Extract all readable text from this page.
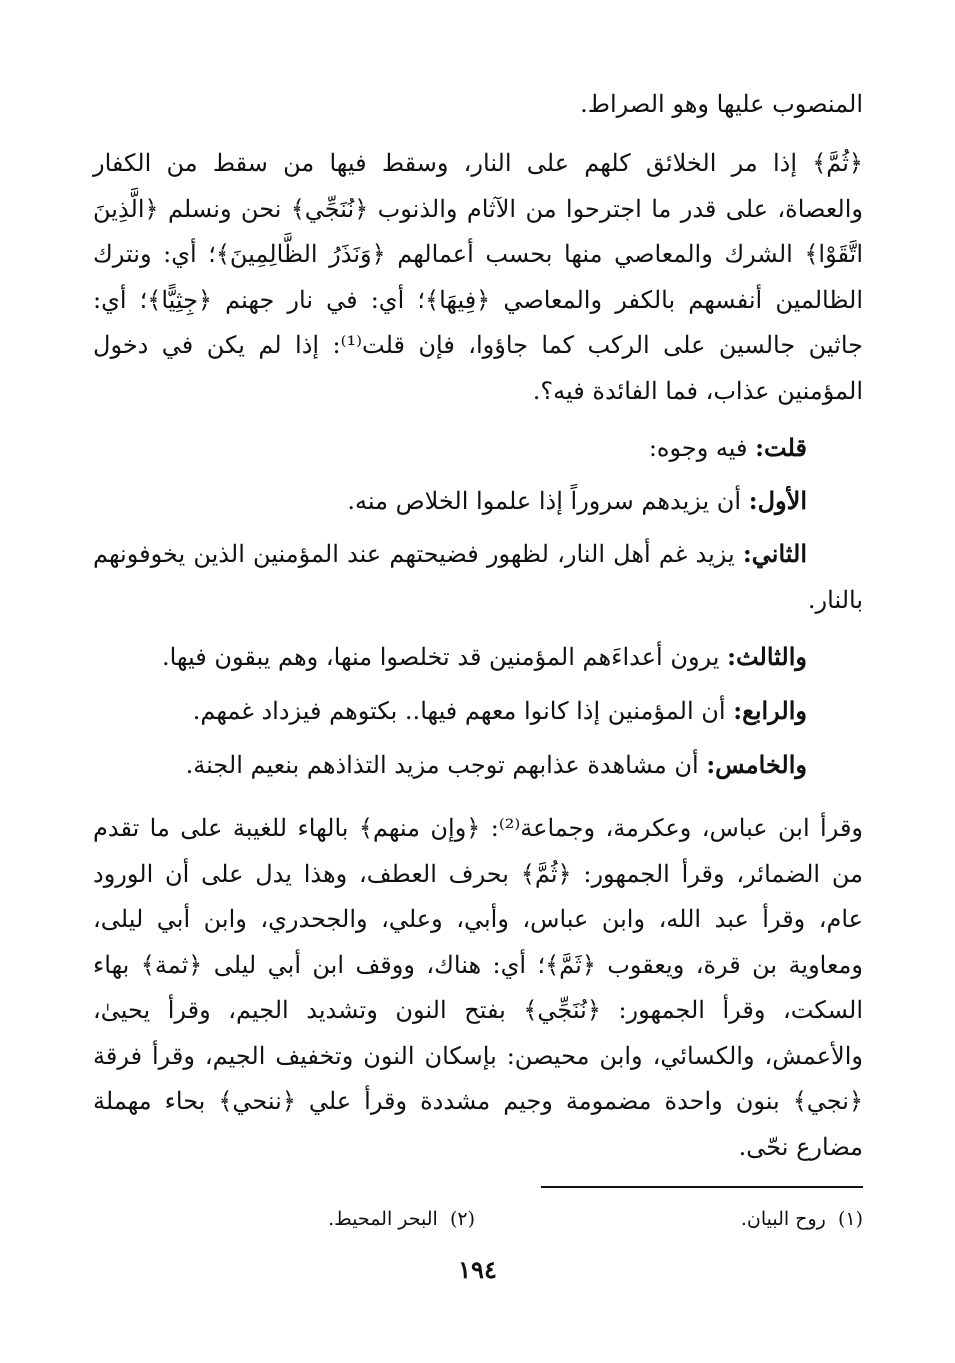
المنصوب عليها وهو الصراط.
﴿ثُمَّ﴾ إذا مر الخلائق كلهم على النار، وسقط فيها من سقط من الكفار والعصاة، على قدر ما اجترحوا من الآثام والذنوب ﴿نُنَجِّي﴾ نحن ونسلم ﴿الَّذِينَ اتَّقَوْا﴾ الشرك والمعاصي منها بحسب أعمالهم ﴿وَنَذَرُ الظَّالِمِينَ﴾؛ أي: ونترك الظالمين أنفسهم بالكفر والمعاصي ﴿فِيهَا﴾؛ أي: في نار جهنم ﴿جِثِيًّا﴾؛ أي: جاثين جالسين على الركب كما جاؤوا، فإن قلت⁽¹⁾: إذا لم يكن في دخول المؤمنين عذاب، فما الفائدة فيه؟.
قلت: فيه وجوه:
الأول: أن يزيدهم سروراً إذا علموا الخلاص منه.
الثاني: يزيد غم أهل النار، لظهور فضيحتهم عند المؤمنين الذين يخوفونهم بالنار.
والثالث: يرون أعداءَهم المؤمنين قد تخلصوا منها، وهم يبقون فيها.
والرابع: أن المؤمنين إذا كانوا معهم فيها.. بكتوهم فيزداد غمهم.
والخامس: أن مشاهدة عذابهم توجب مزيد التذاذهم بنعيم الجنة.
وقرأ ابن عباس، وعكرمة، وجماعة⁽²⁾: ﴿وإن منهم﴾ بالهاء للغيبة على ما تقدم من الضمائر، وقرأ الجمهور: ﴿ثُمَّ﴾ بحرف العطف، وهذا يدل على أن الورود عام، وقرأ عبد الله، وابن عباس، وأبي، وعلي، والجحدري، وابن أبي ليلى، ومعاوية بن قرة، ويعقوب ﴿ثَمَّ﴾؛ أي: هناك، ووقف ابن أبي ليلى ﴿ثمة﴾ بهاء السكت، وقرأ الجمهور: ﴿نُنَجِّي﴾ بفتح النون وتشديد الجيم، وقرأ يحيىٰ، والأعمش، والكسائي، وابن محيصن: بإسكان النون وتخفيف الجيم، وقرأ فرقة ﴿نجي﴾ بنون واحدة مضمومة وجيم مشددة وقرأ علي ﴿ننحي﴾ بحاء مهملة مضارع نحّى.
(١)  روح البيان.
(٢)  البحر المحيط.
١٩٤
